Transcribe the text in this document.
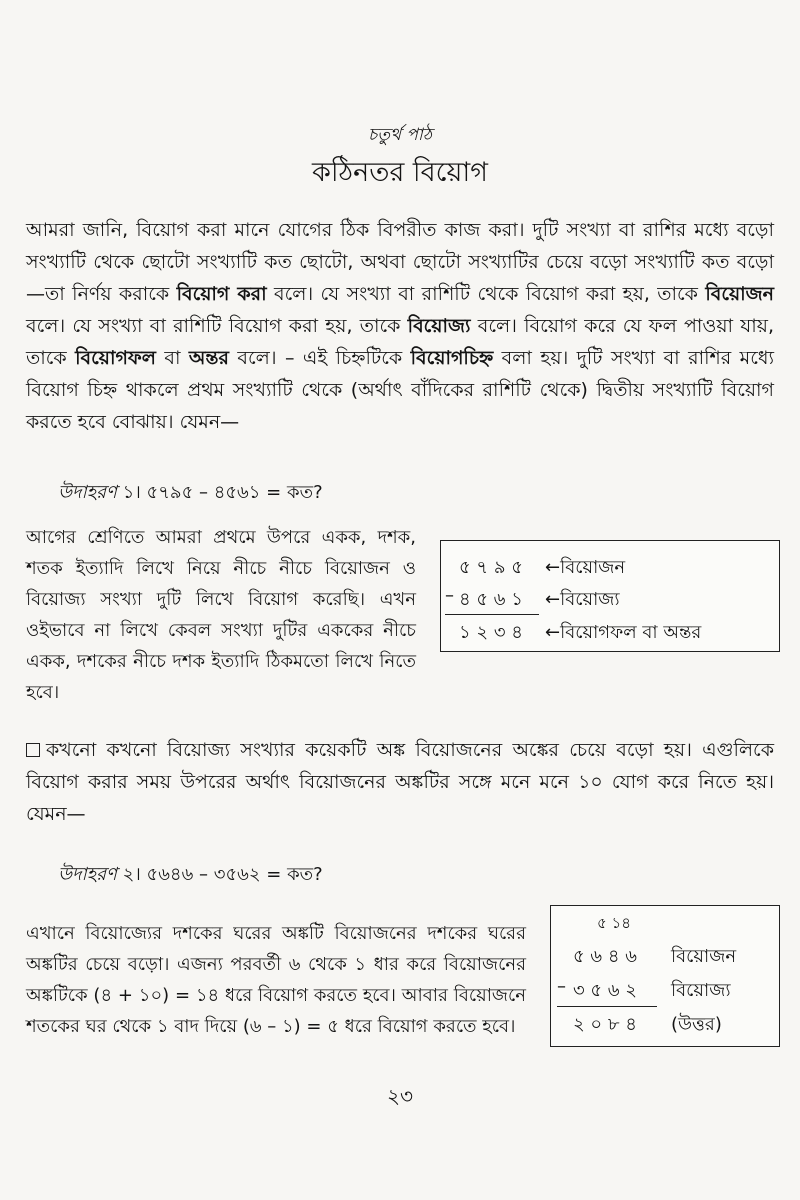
চতুর্থ পাঠ
কঠিনতর বিয়োগ
আমরা জানি, বিয়োগ করা মানে যোগের ঠিক বিপরীত কাজ করা। দুটি সংখ্যা বা রাশির মধ্যে বড়ো সংখ্যাটি থেকে ছোটো সংখ্যাটি কত ছোটো, অথবা ছোটো সংখ্যাটির চেয়ে বড়ো সংখ্যাটি কত বড়ো—তা নির্ণয় করাকে বিয়োগ করা বলে। যে সংখ্যা বা রাশিটি থেকে বিয়োগ করা হয়, তাকে বিয়োজন বলে। যে সংখ্যা বা রাশিটি বিয়োগ করা হয়, তাকে বিয়োজ্য বলে। বিয়োগ করে যে ফল পাওয়া যায়, তাকে বিয়োগফল বা অন্তর বলে। – এই চিহ্নটিকে বিয়োগচিহ্ন বলা হয়। দুটি সংখ্যা বা রাশির মধ্যে বিয়োগ চিহ্ন থাকলে প্রথম সংখ্যাটি থেকে (অর্থাৎ বাঁদিকের রাশিটি থেকে) দ্বিতীয় সংখ্যাটি বিয়োগ করতে হবে বোঝায়। যেমন—
উদাহরণ ১। ৫৭৯৫ – ৪৫৬১ = কত?
আগের শ্রেণিতে আমরা প্রথমে উপরে একক, দশক, শতক ইত্যাদি লিখে নিয়ে নীচে নীচে বিয়োজন ও বিয়োজ্য সংখ্যা দুটি লিখে বিয়োগ করেছি। এখন ওইভাবে না লিখে কেবল সংখ্যা দুটির এককের নীচে একক, দশকের নীচে দশক ইত্যাদি ঠিকমতো লিখে নিতে হবে।
৫ ৭ ৯ ৫ ←বিয়োজন
– ৪ ৫ ৬ ১ ←বিয়োজ্য
১ ২ ৩ ৪ ←বিয়োগফল বা অন্তর
কখনো কখনো বিয়োজ্য সংখ্যার কয়েকটি অঙ্ক বিয়োজনের অঙ্কের চেয়ে বড়ো হয়। এগুলিকে বিয়োগ করার সময় উপরের অর্থাৎ বিয়োজনের অঙ্কটির সঙ্গে মনে মনে ১০ যোগ করে নিতে হয়। যেমন—
উদাহরণ ২। ৫৬৪৬ – ৩৫৬২ = কত?
এখানে বিয়োজ্যের দশকের ঘরের অঙ্কটি বিয়োজনের দশকের ঘরের অঙ্কটির চেয়ে বড়ো। এজন্য পরবর্তী ৬ থেকে ১ ধার করে বিয়োজনের অঙ্কটিকে (৪ + ১০) = ১৪ ধরে বিয়োগ করতে হবে। আবার বিয়োজনে শতকের ঘর থেকে ১ বাদ দিয়ে (৬ – ১) = ৫ ধরে বিয়োগ করতে হবে।
৫ ১৪
৫ ৬ ৪ ৬ বিয়োজন
– ৩ ৫ ৬ ২ বিয়োজ্য
২ ০ ৮ ৪ (উত্তর)
২৩
